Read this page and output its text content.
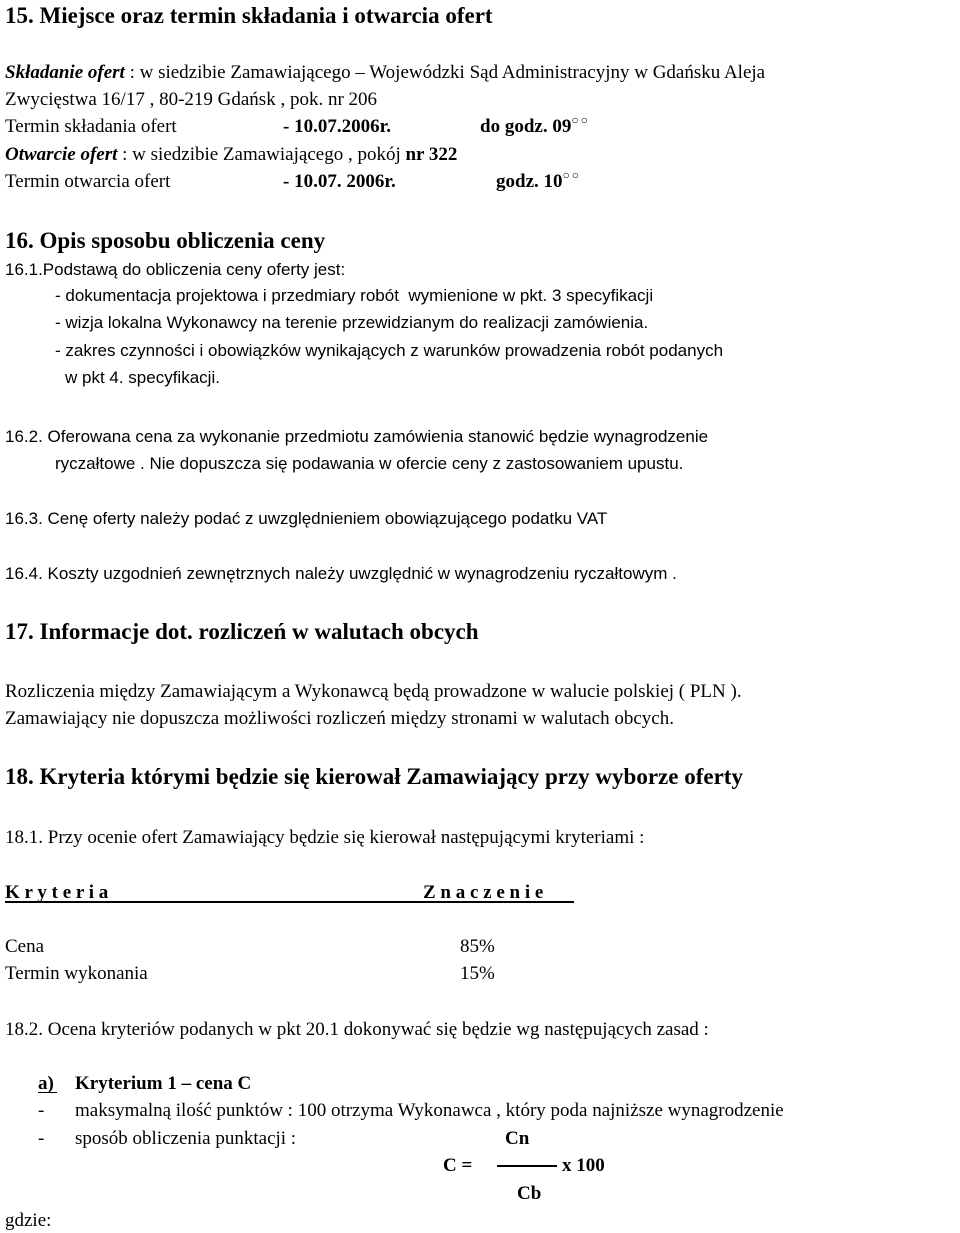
15. Miejsce oraz termin składania i otwarcia ofert
Składanie ofert : w siedzibie Zamawiającego – Wojewódzki Sąd Administracyjny w Gdańsku Aleja
Zwycięstwa 16/17 , 80-219 Gdańsk , pok. nr 206
Termin składania ofert	- 10.07.2006r.	do godz. 09○○
Otwarcie ofert : w siedzibie Zamawiającego , pokój nr 322
Termin otwarcia ofert	- 10.07. 2006r.	godz. 10○○
16. Opis sposobu obliczenia ceny
16.1.Podstawą do obliczenia ceny oferty jest:
- dokumentacja projektowa i przedmiary robót  wymienione w pkt. 3 specyfikacji
- wizja lokalna Wykonawcy na terenie przewidzianym do realizacji zamówienia.
- zakres czynności i obowiązków wynikających z warunków prowadzenia robót podanych
w pkt 4. specyfikacji.
16.2. Oferowana cena za wykonanie przedmiotu zamówienia stanowić będzie wynagrodzenie
ryczałtowe . Nie dopuszcza się podawania w ofercie ceny z zastosowaniem upustu.
16.3. Cenę oferty należy podać z uwzględnieniem obowiązującego podatku VAT
16.4. Koszty uzgodnień zewnętrznych należy uwzględnić w wynagrodzeniu ryczałtowym .
17. Informacje dot. rozliczeń w walutach obcych
Rozliczenia między Zamawiającym a Wykonawcą będą prowadzone w walucie polskiej ( PLN ).
Zamawiający nie dopuszcza możliwości rozliczeń między stronami w walutach obcych.
18. Kryteria którymi będzie się kierował Zamawiający przy wyborze oferty
18.1. Przy ocenie ofert Zamawiający będzie się kierował następującymi kryteriami :
K r y t e r i a	Z n a c z e n i e
Cena	85%
Termin wykonania	15%
18.2. Ocena kryteriów podanych w pkt 20.1 dokonywać się będzie wg następujących zasad :
a) Kryterium 1 – cena C
- maksymalną ilość punktów : 100 otrzyma Wykonawca , który poda najniższe wynagrodzenie
- sposób obliczenia punktacji :	Cn
C =	x 100
Cb
gdzie:
